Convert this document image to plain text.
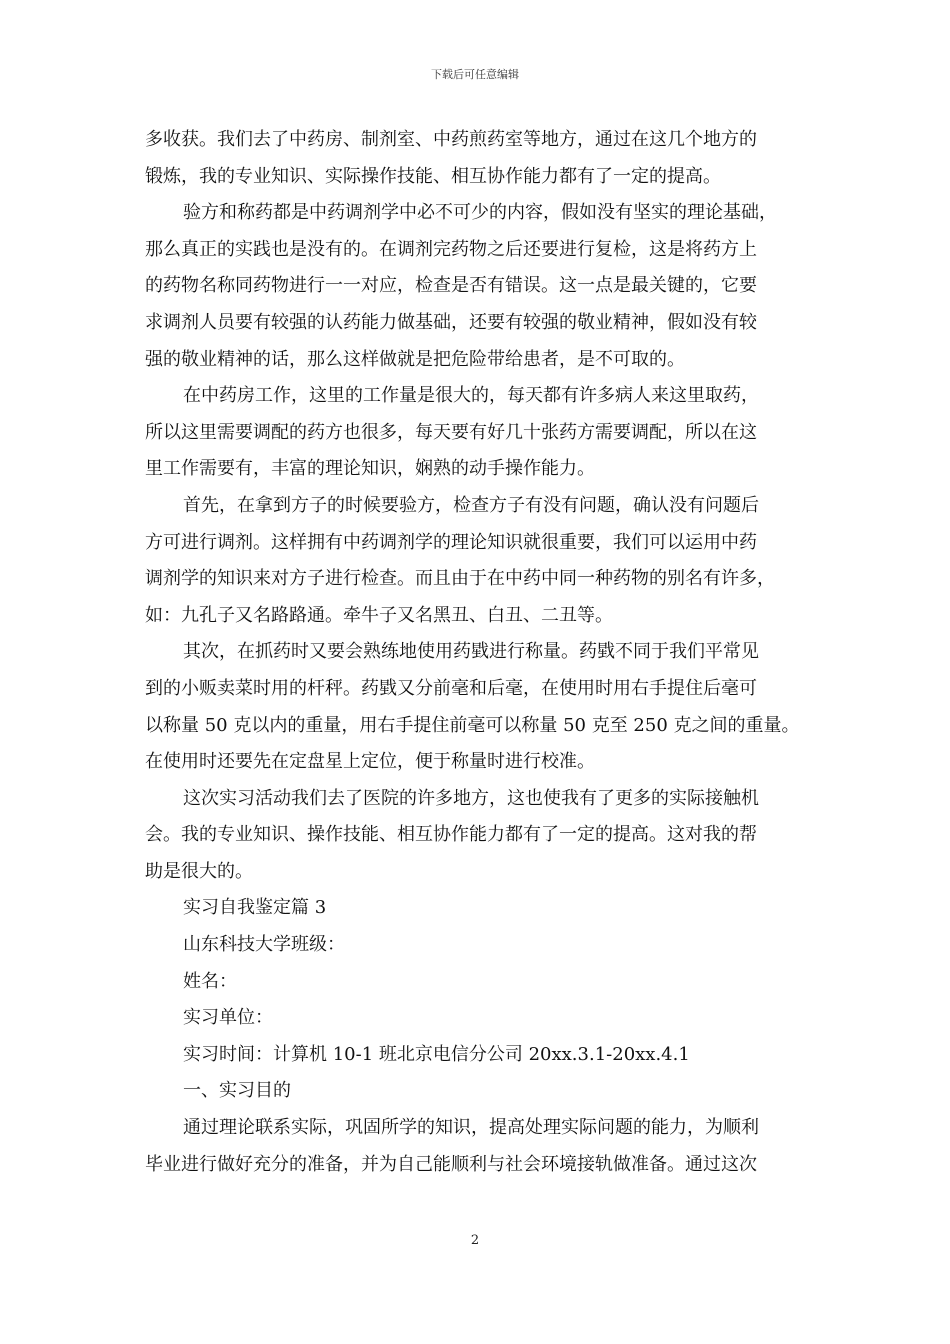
下载后可任意编辑
多收获。我们去了中药房、制剂室、中药煎药室等地方，通过在这几个地方的
锻炼，我的专业知识、实际操作技能、相互协作能力都有了一定的提高。
验方和称药都是中药调剂学中必不可少的内容，假如没有坚实的理论基础，
那么真正的实践也是没有的。在调剂完药物之后还要进行复检，这是将药方上
的药物名称同药物进行一一对应，检查是否有错误。这一点是最关键的，它要
求调剂人员要有较强的认药能力做基础，还要有较强的敬业精神，假如没有较
强的敬业精神的话，那么这样做就是把危险带给患者，是不可取的。
在中药房工作，这里的工作量是很大的，每天都有许多病人来这里取药，
所以这里需要调配的药方也很多，每天要有好几十张药方需要调配，所以在这
里工作需要有，丰富的理论知识，娴熟的动手操作能力。
首先，在拿到方子的时候要验方，检查方子有没有问题，确认没有问题后
方可进行调剂。这样拥有中药调剂学的理论知识就很重要，我们可以运用中药
调剂学的知识来对方子进行检查。而且由于在中药中同一种药物的别名有许多，
如：九孔子又名路路通。牵牛子又名黑丑、白丑、二丑等。
其次，在抓药时又要会熟练地使用药戥进行称量。药戥不同于我们平常见
到的小贩卖菜时用的杆秤。药戥又分前毫和后毫，在使用时用右手提住后毫可
以称量 50 克以内的重量，用右手提住前毫可以称量 50 克至 250 克之间的重量。
在使用时还要先在定盘星上定位，便于称量时进行校准。
这次实习活动我们去了医院的许多地方，这也使我有了更多的实际接触机
会。我的专业知识、操作技能、相互协作能力都有了一定的提高。这对我的帮
助是很大的。
实习自我鉴定篇 3
山东科技大学班级：
姓名：
实习单位：
实习时间：计算机 10-1 班北京电信分公司 20xx.3.1-20xx.4.1
一、实习目的
通过理论联系实际，巩固所学的知识，提高处理实际问题的能力，为顺利
毕业进行做好充分的准备，并为自己能顺利与社会环境接轨做准备。通过这次
2
